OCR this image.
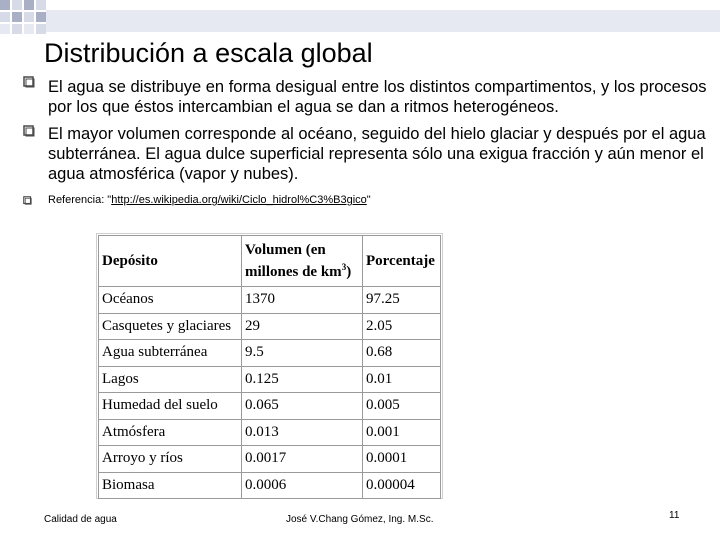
Distribución a escala global
El agua se distribuye en forma desigual entre los distintos compartimentos, y los procesos por los que éstos intercambian el agua se dan a ritmos heterogéneos.
El mayor volumen corresponde al océano, seguido del hielo glaciar y después por el agua subterránea. El agua dulce superficial representa sólo una exigua fracción y aún menor el agua atmosférica (vapor y nubes).
Referencia: "http://es.wikipedia.org/wiki/Ciclo_hidrol%C3%B3gico"
Depósito	Volumen (en millones de $km^3$)	Porcentaje
Océanos	1370	97.25
Casquetes y glaciares	29	2.05
Agua subterránea	9.5	0.68
Lagos	0.125	0.01
Humedad del suelo	0.065	0.005
Atmósfera	0.013	0.001
Arroyo y ríos	0.0017	0.0001
Biomasa	0.0006	0.00004
Calidad de agua	José V.Chang Gómez, Ing. M.Sc.	11
